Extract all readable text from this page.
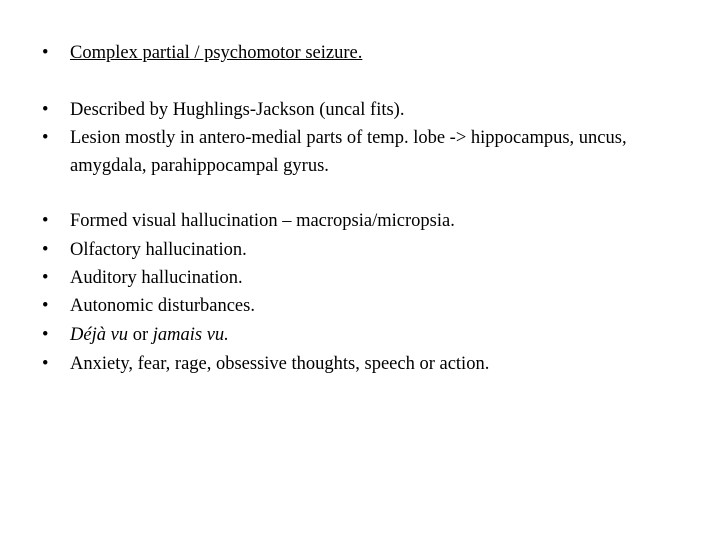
•	Complex partial / psychomotor seizure.
•	Described by Hughlings-Jackson (uncal fits).
•	Lesion mostly in antero-medial parts of temp. lobe -> hippocampus, uncus, amygdala, parahippocampal gyrus.
•	Formed visual hallucination – macropsia/micropsia.
•	Olfactory hallucination.
•	Auditory hallucination.
•	Autonomic disturbances.
•	Déjà vu or jamais vu.
•	Anxiety, fear, rage, obsessive thoughts, speech or action.
